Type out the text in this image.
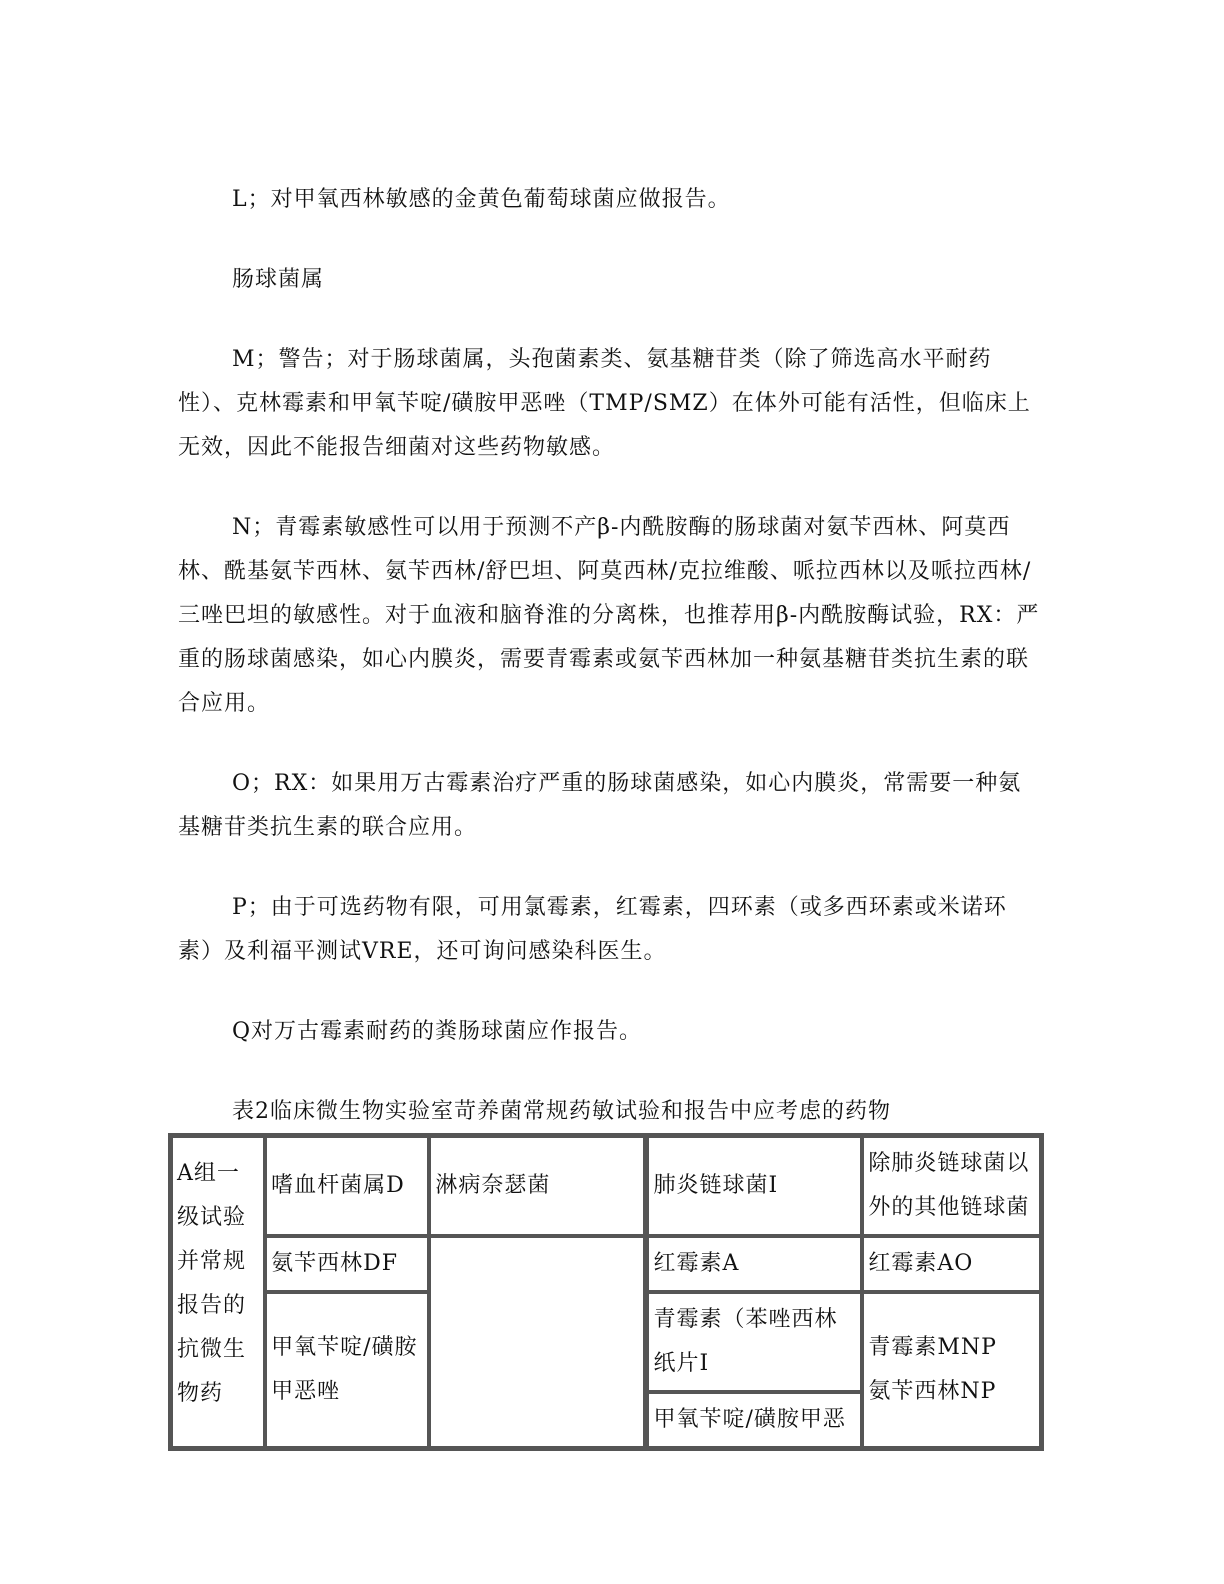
L；对甲氧西林敏感的金黄色葡萄球菌应做报告。

肠球菌属

M；警告；对于肠球菌属，头孢菌素类、氨基糖苷类（除了筛选高水平耐药性）、克林霉素和甲氧苄啶/磺胺甲恶唑（TMP/SMZ）在体外可能有活性，但临床上无效，因此不能报告细菌对这些药物敏感。

N；青霉素敏感性可以用于预测不产β-内酰胺酶的肠球菌对氨苄西林、阿莫西林、酰基氨苄西林、氨苄西林/舒巴坦、阿莫西林/克拉维酸、哌拉西林以及哌拉西林/三唑巴坦的敏感性。对于血液和脑脊淮的分离株，也推荐用β-内酰胺酶试验，RX：严重的肠球菌感染，如心内膜炎，需要青霉素或氨苄西林加一种氨基糖苷类抗生素的联合应用。

O；RX：如果用万古霉素治疗严重的肠球菌感染，如心内膜炎，常需要一种氨基糖苷类抗生素的联合应用。

P；由于可选药物有限，可用氯霉素，红霉素，四环素（或多西环素或米诺环素）及利福平测试VRE，还可询问感染科医生。

Q对万古霉素耐药的粪肠球菌应作报告。

表2临床微生物实验室苛养菌常规药敏试验和报告中应考虑的药物

A组一级试验并常规报告的抗微生物药	嗜血杆菌属D	淋病奈瑟菌	肺炎链球菌I	除肺炎链球菌以外的其他链球菌
	氨苄西林DF		红霉素A	红霉素AO
	甲氧苄啶/磺胺甲恶唑		青霉素（苯唑西林纸片I	青霉素MNP
氨苄西林NP

			甲氧苄啶/磺胺甲恶	
